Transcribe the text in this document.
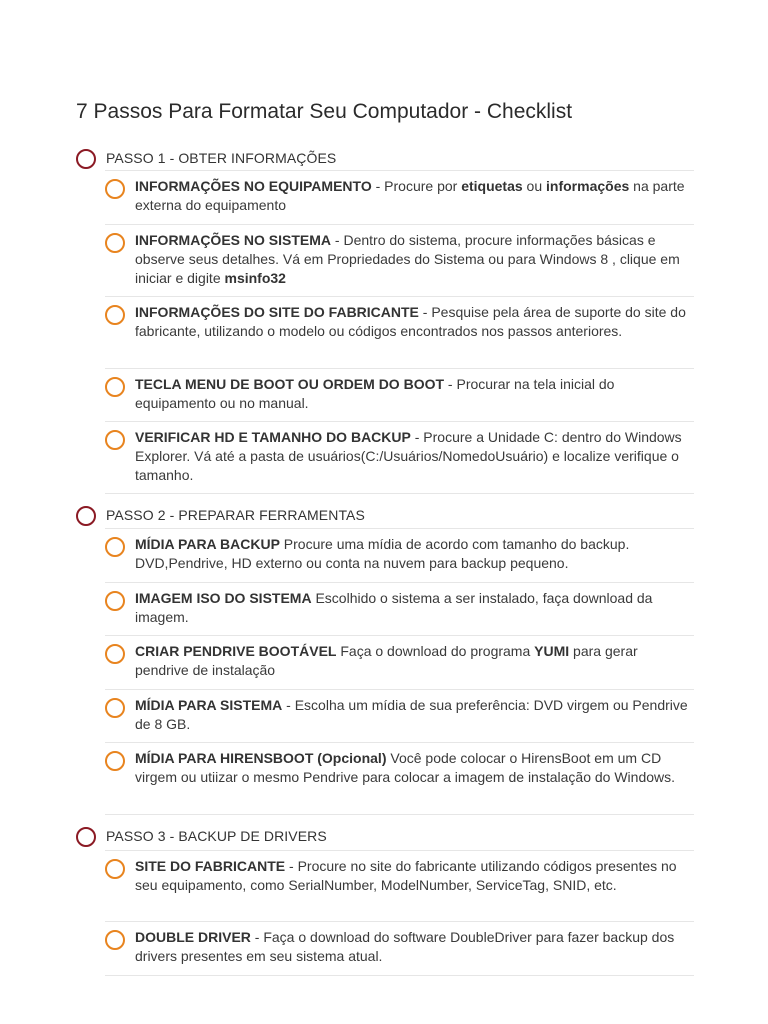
7 Passos Para Formatar Seu Computador - Checklist
PASSO 1 - OBTER INFORMAÇÕES
INFORMAÇÕES NO EQUIPAMENTO - Procure por etiquetas ou informações na parte externa do equipamento
INFORMAÇÕES NO SISTEMA - Dentro do sistema, procure informações básicas e observe seus detalhes. Vá em Propriedades do Sistema ou para Windows 8 , clique em iniciar e digite msinfo32
INFORMAÇÕES DO SITE DO FABRICANTE - Pesquise pela área de suporte do site do fabricante, utilizando o modelo ou códigos encontrados nos passos anteriores.
TECLA MENU DE BOOT OU ORDEM DO BOOT - Procurar na tela inicial do equipamento ou no manual.
VERIFICAR HD E TAMANHO DO BACKUP - Procure a Unidade C: dentro do Windows Explorer. Vá até a pasta de usuários(C:/Usuários/NomedoUsuário) e localize verifique o tamanho.
PASSO 2 - PREPARAR FERRAMENTAS
MÍDIA PARA BACKUP Procure uma mídia de acordo com tamanho do backup. DVD,Pendrive, HD externo ou conta na nuvem para backup pequeno.
IMAGEM ISO DO SISTEMA Escolhido o sistema a ser instalado, faça download da imagem.
CRIAR PENDRIVE BOOTÁVEL Faça o download do programa YUMI para gerar pendrive de instalação
MÍDIA PARA SISTEMA - Escolha um mídia de sua preferência: DVD virgem ou Pendrive de 8 GB.
MÍDIA PARA HIRENSBOOT (Opcional) Você pode colocar o HirensBoot em um CD virgem ou utiizar o mesmo Pendrive para colocar a imagem de instalação do Windows.
PASSO 3 - BACKUP DE DRIVERS
SITE DO FABRICANTE - Procure no site do fabricante utilizando códigos presentes no seu equipamento, como SerialNumber, ModelNumber, ServiceTag, SNID, etc.
DOUBLE DRIVER - Faça o download do software DoubleDriver para fazer backup dos drivers presentes em seu sistema atual.
